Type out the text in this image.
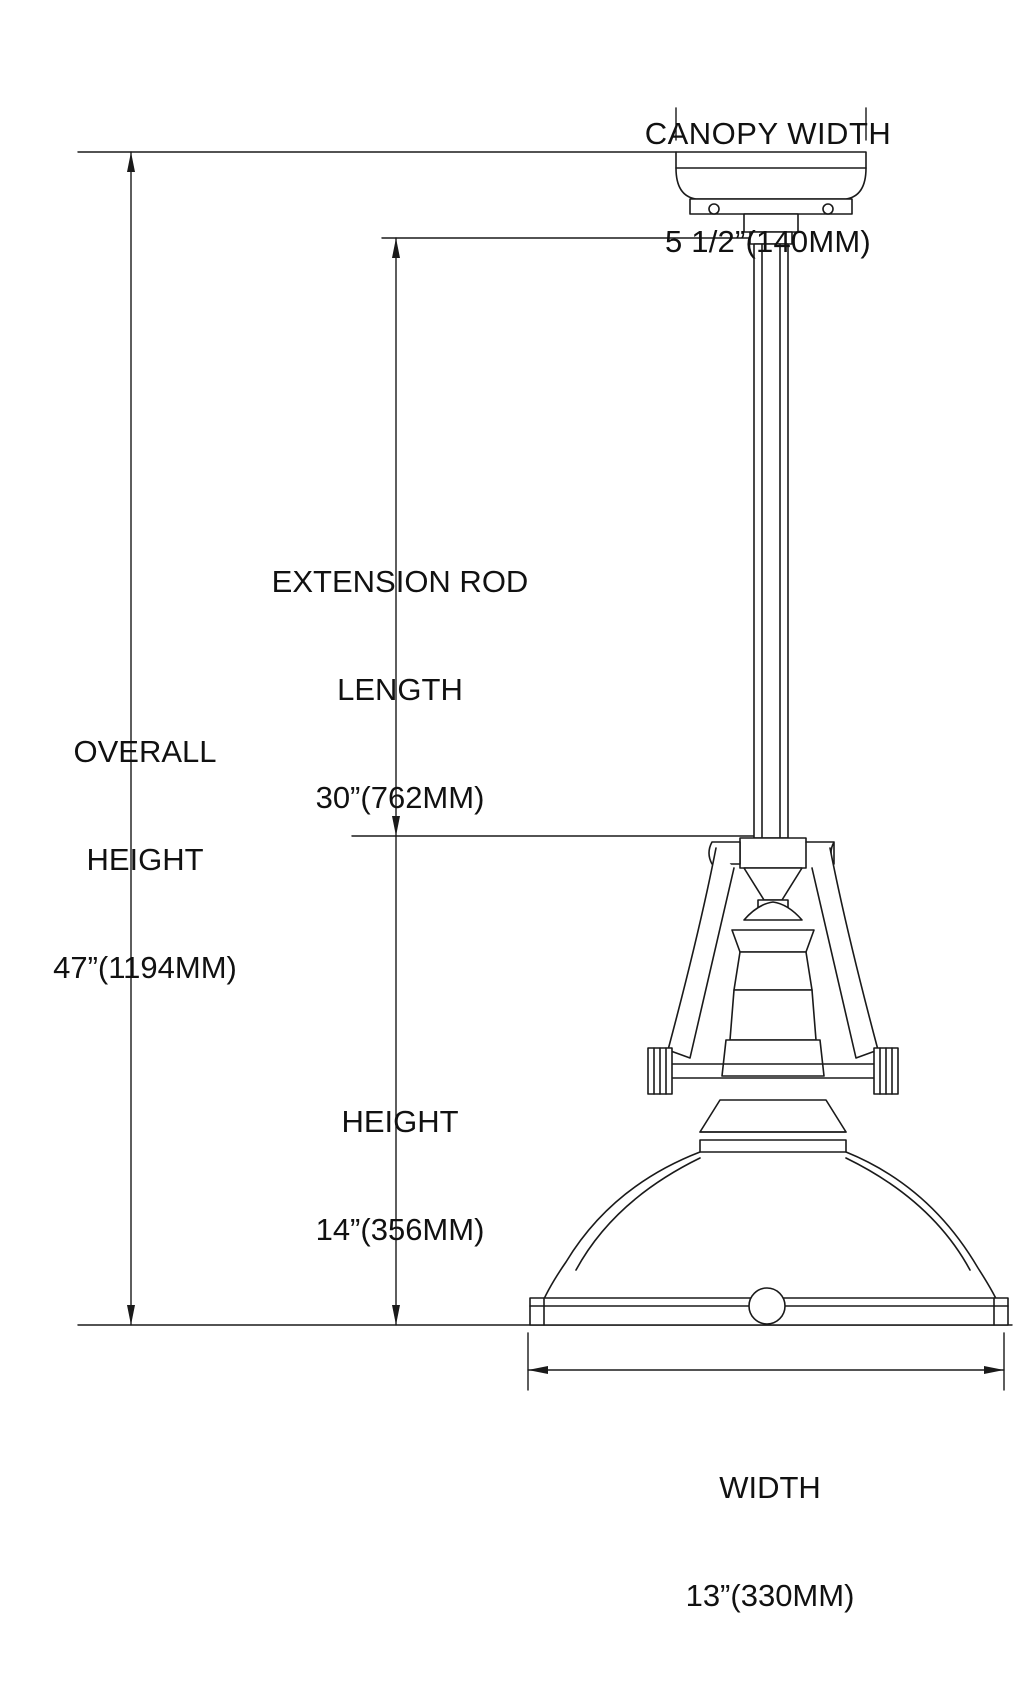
CANOPY WIDTH

5 1/2”(140MM)

EXTENSION ROD

LENGTH

30”(762MM)

OVERALL

HEIGHT

47”(1194MM)

HEIGHT

14”(356MM)

WIDTH

13”(330MM)
